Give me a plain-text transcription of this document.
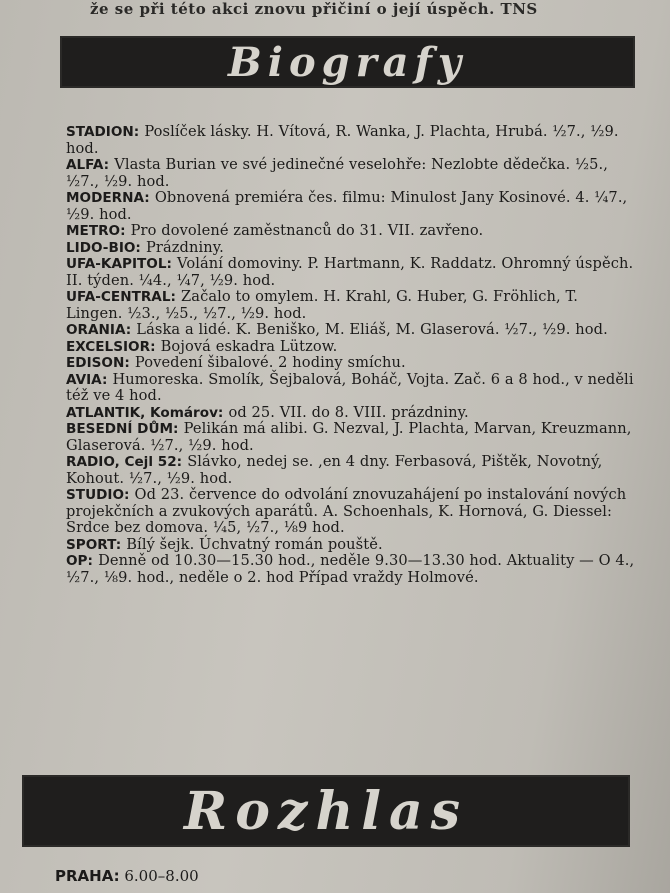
že se při této akci znovu přičiní o její úspěch. TNS
Biografy

STADION: Poslíček lásky. H. Vítová, R. Wanka, J. Plachta, Hrubá. ½7., ½9. hod.

ALFA: Vlasta Burian ve své jedinečné veselohře: Nezlobte dědečka. ½5., ½7., ½9. hod.

MODERNA: Obnovená premiéra čes. filmu: Minulost Jany Kosinové. 4. ¼7., ½9. hod.

METRO: Pro dovolené zaměstnanců do 31. VII. zavřeno.

LIDO-BIO: Prázdniny.

UFA-KAPITOL: Volání domoviny. P. Hartmann, K. Raddatz. Ohromný úspěch. II. týden. ¼4., ¼7, ½9. hod.

UFA-CENTRAL: Začalo to omylem. H. Krahl, G. Huber, G. Fröhlich, T. Lingen. ½3., ½5., ½7., ½9. hod.

ORANIA: Láska a lidé. K. Beniško, M. Eliáš, M. Glaserová. ½7., ½9. hod.

EXCELSIOR: Bojová eskadra Lützow.

EDISON: Povedení šibalové. 2 hodiny smíchu.

AVIA: Humoreska. Smolík, Šejbalová, Boháč, Vojta. Zač. 6 a 8 hod., v neděli též ve 4 hod.

ATLANTIK, Komárov: od 25. VII. do 8. VIII. prázdniny.

BESEDNÍ DŮM: Pelikán má alibi. G. Nezval, J. Plachta, Marvan, Kreuzmann, Glaserová. ½7., ½9. hod.

RADIO, Cejl 52: Slávko, nedej se. ,en 4 dny. Ferbasová, Pištěk, Novotný, Kohout. ½7., ½9. hod.

STUDIO: Od 23. července do odvolání znovuzahájení po instalování nových projekčních a zvukových aparátů. A. Schoenhals, K. Hornová, G. Diessel: Srdce bez domova. ¼5, ½7., ⅛9 hod.

SPORT: Bílý šejk. Úchvatný román pouště.

OP: Denně od 10.30—15.30 hod., neděle 9.30—13.30 hod. Aktuality — O 4., ½7., ⅛9. hod., neděle o 2. hod Případ vraždy Holmové.

Rozhlas
PRAHA: 6.00–8.00
